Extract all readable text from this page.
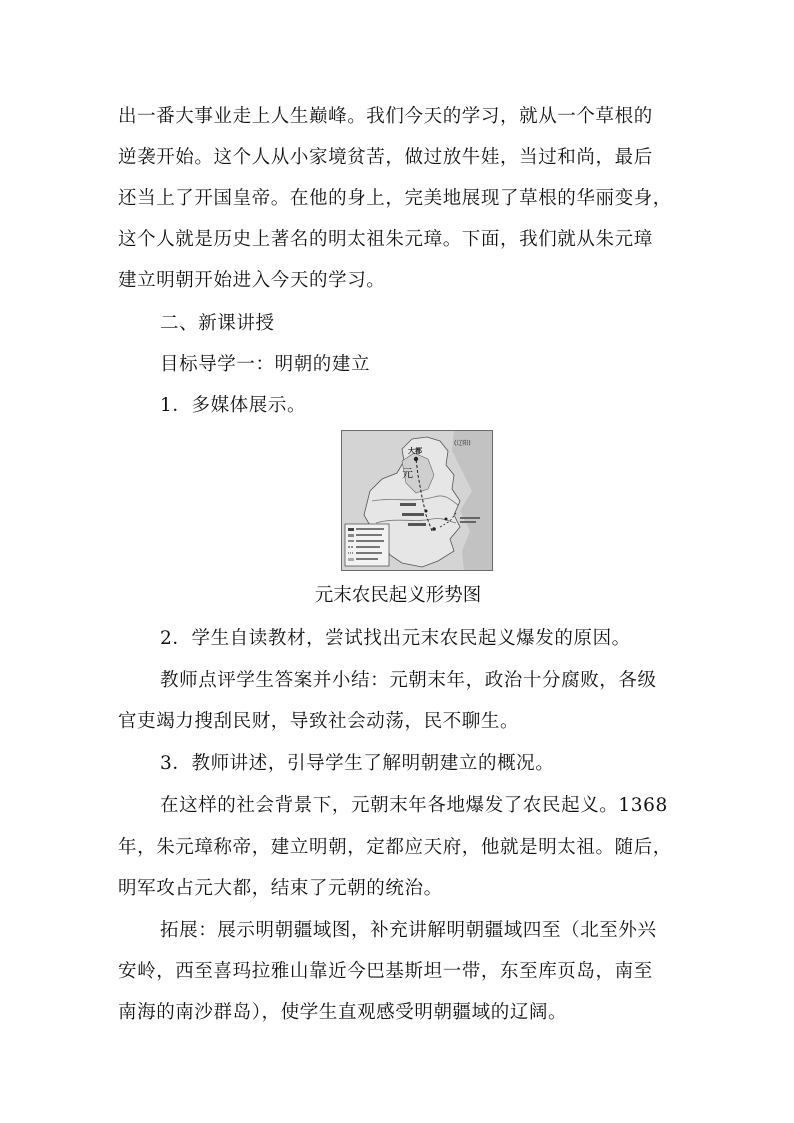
出一番大事业走上人生巅峰。我们今天的学习，就从一个草根的
逆袭开始。这个人从小家境贫苦，做过放牛娃，当过和尚，最后
还当上了开国皇帝。在他的身上，完美地展现了草根的华丽变身，
这个人就是历史上著名的明太祖朱元璋。下面，我们就从朱元璋
建立明朝开始进入今天的学习。
二、新课讲授
目标导学一：明朝的建立
1．多媒体展示。
大都
元
(辽阳)
元末农民起义形势图
2．学生自读教材，尝试找出元末农民起义爆发的原因。
教师点评学生答案并小结：元朝末年，政治十分腐败，各级
官吏竭力搜刮民财，导致社会动荡，民不聊生。
3．教师讲述，引导学生了解明朝建立的概况。
在这样的社会背景下，元朝末年各地爆发了农民起义。1368
年，朱元璋称帝，建立明朝，定都应天府，他就是明太祖。随后，
明军攻占元大都，结束了元朝的统治。
拓展：展示明朝疆域图，补充讲解明朝疆域四至（北至外兴
安岭，西至喜玛拉雅山靠近今巴基斯坦一带，东至库页岛，南至
南海的南沙群岛），使学生直观感受明朝疆域的辽阔。
